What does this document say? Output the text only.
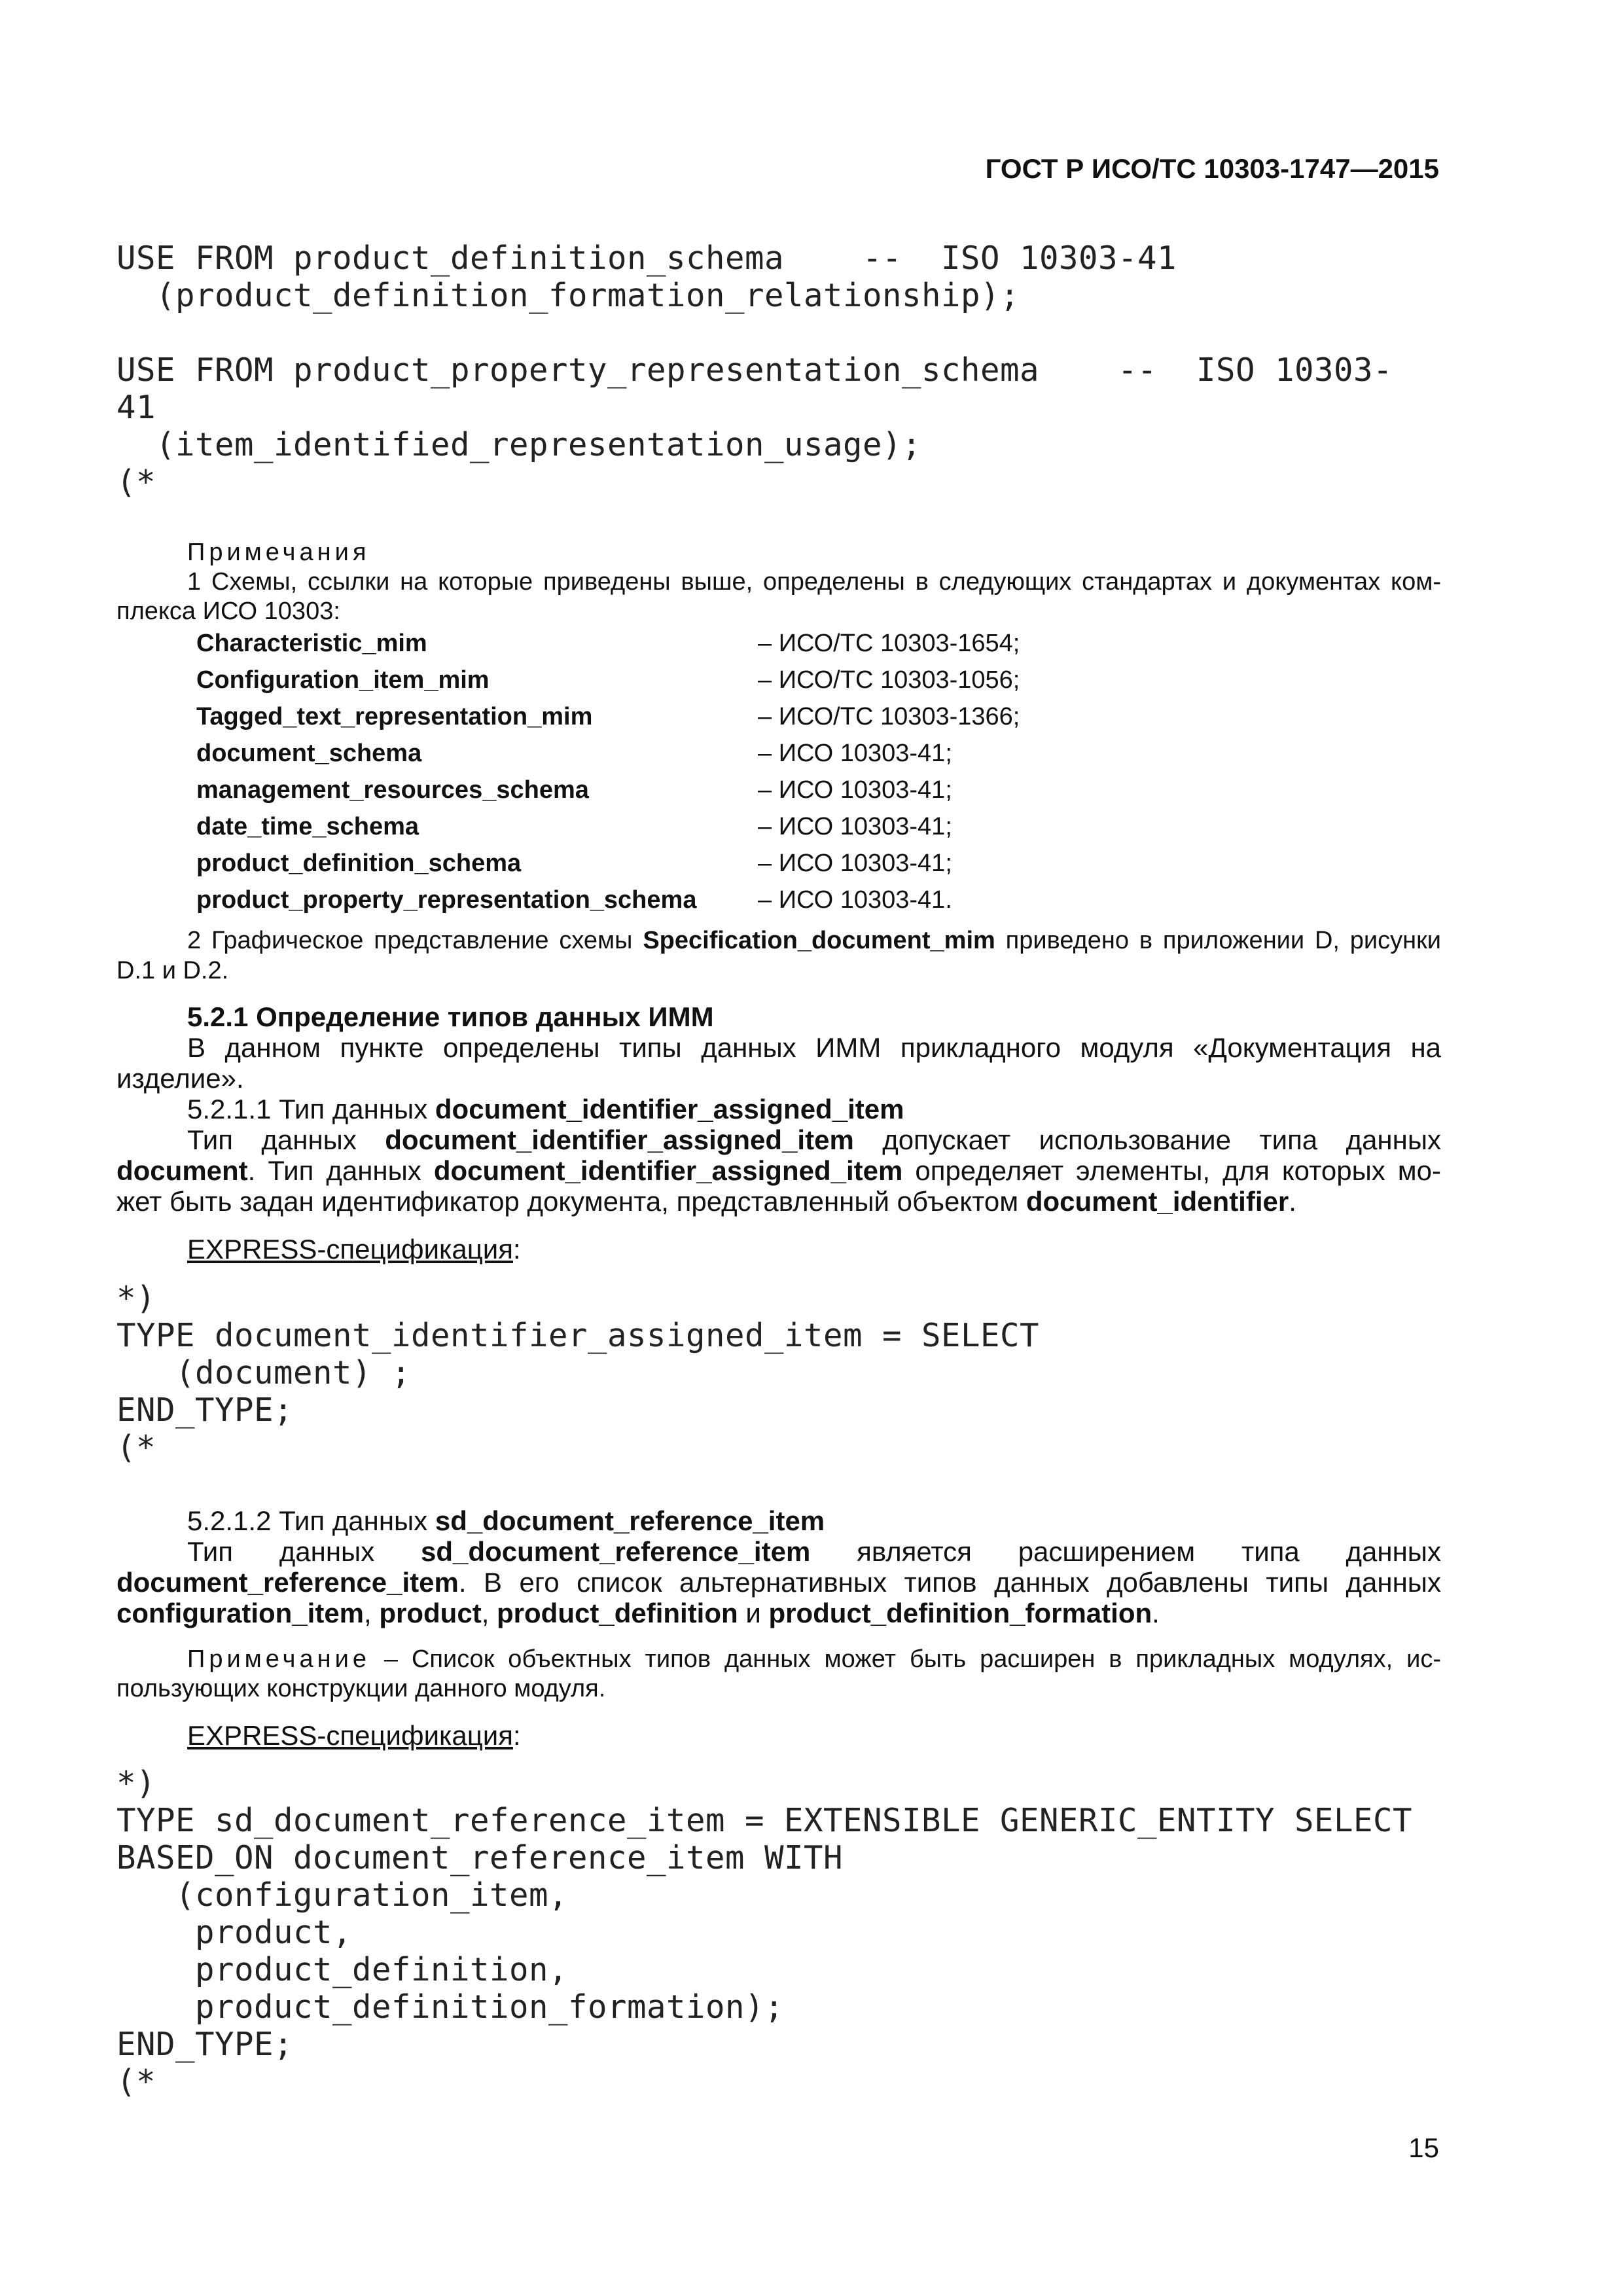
ГОСТ Р ИСО/ТС 10303-1747—2015
USE FROM product_definition_schema    --  ISO 10303-41
(product_definition_formation_relationship);
USE FROM product_property_representation_schema    --  ISO 10303-
41
(item_identified_representation_usage);
(*
Примечания
1 Схемы, ссылки на которые приведены выше, определены в следующих стандартах и документах ком-
плекса ИСО 10303:
Characteristic_mim	– ИСО/ТС 10303-1654;
Configuration_item_mim	– ИСО/ТС 10303-1056;
Tagged_text_representation_mim	– ИСО/ТС 10303-1366;
document_schema	– ИСО 10303-41;
management_resources_schema	– ИСО 10303-41;
date_time_schema	– ИСО 10303-41;
product_definition_schema	– ИСО 10303-41;
product_property_representation_schema – ИСО 10303-41.
2 Графическое представление схемы Specification_document_mim приведено в приложении D, рисунки
D.1 и D.2.
5.2.1 Определение типов данных ИММ
В данном пункте определены типы данных ИММ прикладного модуля «Документация на
изделие».
5.2.1.1 Тип данных document_identifier_assigned_item
Тип данных document_identifier_assigned_item допускает использование типа данных
document. Тип данных document_identifier_assigned_item определяет элементы, для которых мо-
жет быть задан идентификатор документа, представленный объектом document_identifier.
EXPRESS-спецификация:
*)
TYPE document_identifier_assigned_item = SELECT
(document) ;
END_TYPE;
(*
5.2.1.2 Тип данных sd_document_reference_item
Тип данных sd_document_reference_item является расширением типа данных
document_reference_item. В его список альтернативных типов данных добавлены типы данных
configuration_item, product, product_definition и product_definition_formation.
Примечание – Список объектных типов данных может быть расширен в прикладных модулях, ис-
пользующих конструкции данного модуля.
EXPRESS-спецификация:
*)
TYPE sd_document_reference_item = EXTENSIBLE GENERIC_ENTITY SELECT
BASED_ON document_reference_item WITH
(configuration_item,
product,
product_definition,
product_definition_formation);
END_TYPE;
(*
15
